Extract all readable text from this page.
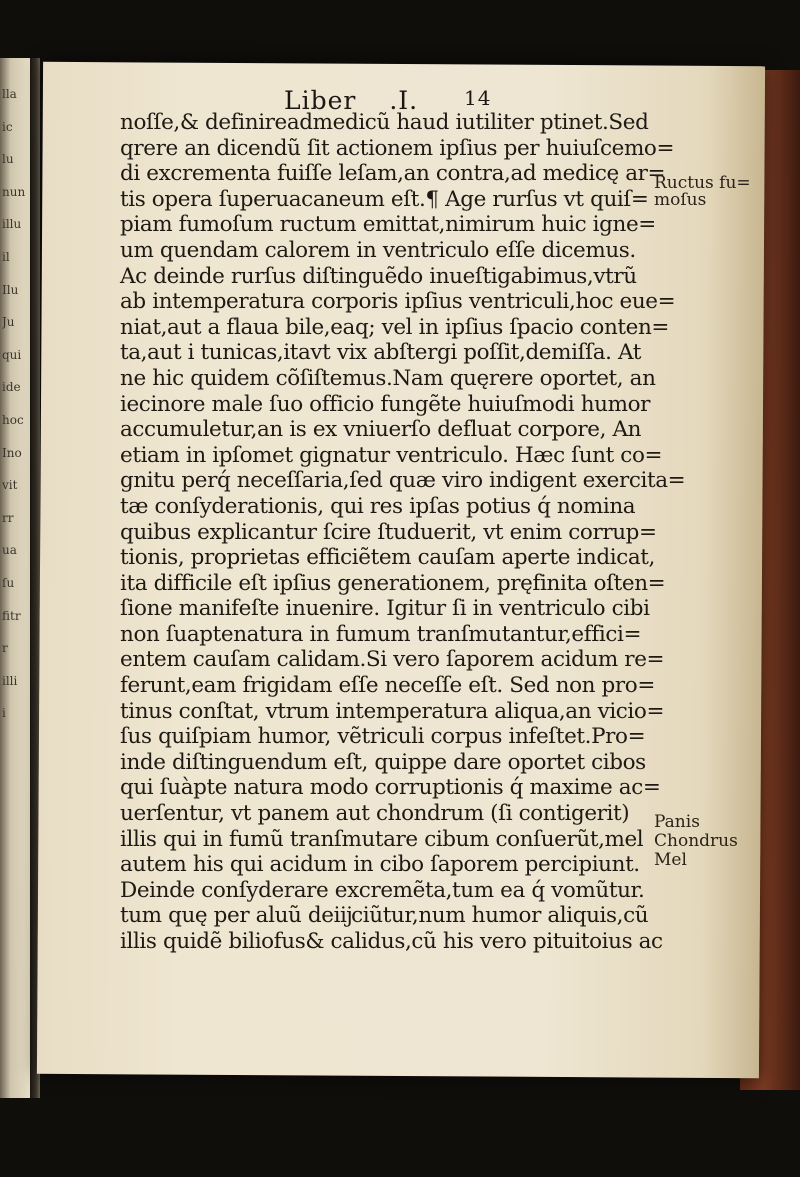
lla
ic
lu
nun
illu
il
Ilu
Ju
qui
ide
hoc
Ino
vit
rr
ua
ſu
fitr
r
illi
i
Liber .I. 14
noſſe,& definireadmedicũ haud iutiliter ptinet.Sed
qrere an dicendũ ſit actionem ipſius per huiuſcemo=
di excrementa fuiſſe leſam,an contra,ad medicę ar=
tis opera ſuperuacaneum eſt.¶ Age rurſus vt quiſ=
piam fumoſum ructum emittat,nimirum huic igne=
um quendam calorem in ventriculo eſſe dicemus.
Ac deinde rurſus diſtinguẽdo inueſtigabimus,vtrũ
ab intemperatura corporis ipſius ventriculi,hoc eue=
niat,aut a flaua bile,eaq; vel in ipſius ſpacio conten=
ta,aut i tunicas,itavt vix abſtergi poſſit,demiſſa. At
ne hic quidem cõſiſtemus.Nam quęrere oportet, an
iecinore male ſuo officio fungẽte huiuſmodi humor
accumuletur,an is ex vniuerſo defluat corpore, An
etiam in ipſomet gignatur ventriculo. Hæc ſunt co=
gnitu perq́ neceſſaria,ſed quæ viro indigent exercita=
tæ conſyderationis, qui res ipſas potius q́ nomina
quibus explicantur ſcire ſtuduerit, vt enim corrup=
tionis, proprietas efficiẽtem cauſam aperte indicat,
ita difficile eſt ipſius generationem, pręfinita oſten=
ſione manifeſte inuenire. Igitur ſi in ventriculo cibi
non ſuaptenatura in fumum tranſmutantur,effici=
entem cauſam calidam.Si vero ſaporem acidum re=
ferunt,eam frigidam eſſe neceſſe eſt. Sed non pro=
tinus conſtat, vtrum intemperatura aliqua,an vicio=
ſus quiſpiam humor, vẽtriculi corpus infeſtet.Pro=
inde diſtinguendum eſt, quippe dare oportet cibos
qui ſuàpte natura modo corruptionis q́ maxime ac=
uerſentur, vt panem aut chondrum (ſi contigerit)
illis qui in fumũ tranſmutare cibum conſuerũt,mel
autem his qui acidum in cibo ſaporem percipiunt.
Deinde conſyderare excremẽta,tum ea q́ vomũtur.
tum quę per aluũ deiĳciũtur,num humor aliquis,cũ
illis quidẽ biliofus& calidus,cũ his vero pituitoius ac
Ructus fu=
moſus
Panis
Chondrus
Mel
